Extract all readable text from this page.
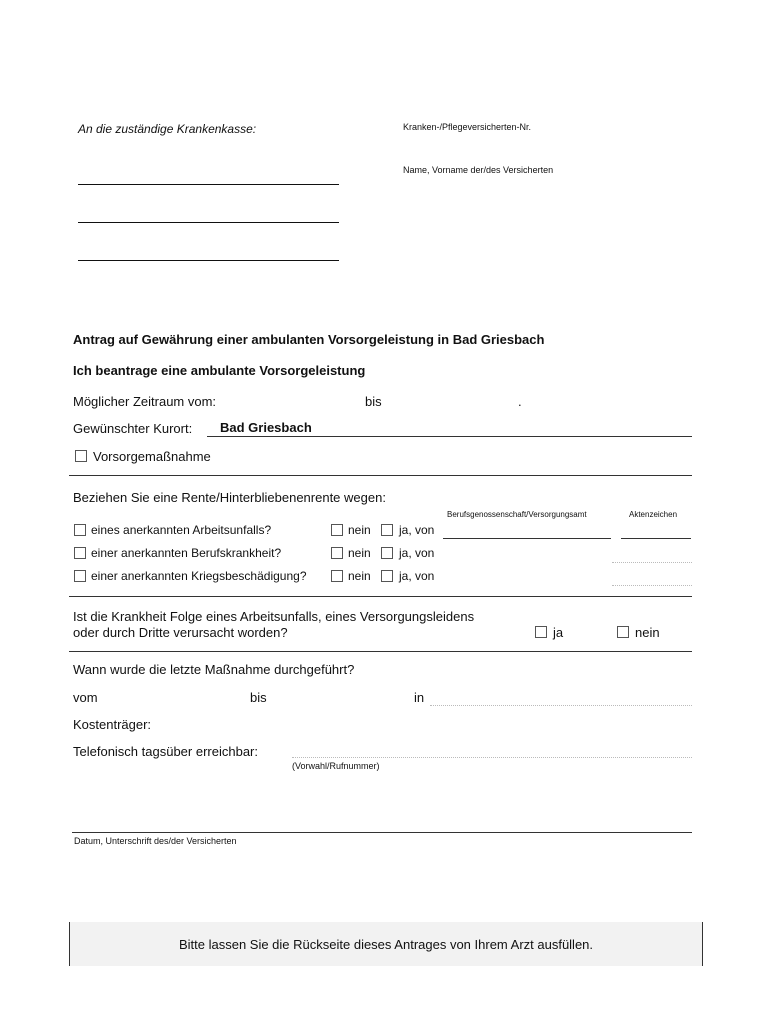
An die zuständige Krankenkasse:	Kranken-/Pflegeversicherten-Nr.
Name, Vorname der/des Versicherten
Antrag auf Gewährung einer ambulanten Vorsorgeleistung in Bad Griesbach
Ich beantrage eine ambulante Vorsorgeleistung
Möglicher Zeitraum vom:	bis	.
Gewünschter Kurort: Bad Griesbach
Vorsorgemaßnahme
Beziehen Sie eine Rente/Hinterbliebenenrente wegen:
Berufsgenossenschaft/Versorgungsamt	Aktenzeichen
eines anerkannten Arbeitsunfalls?	nein ja, von
einer anerkannten Berufskrankheit?	nein ja, von
einer anerkannten Kriegsbeschädigung?	nein ja, von
Ist die Krankheit Folge eines Arbeitsunfalls, eines Versorgungsleidens
oder durch Dritte verursacht worden?	ja	nein
Wann wurde die letzte Maßnahme durchgeführt?
vom	bis	in
Kostenträger:
Telefonisch tagsüber erreichbar:
(Vorwahl/Rufnummer)
Datum, Unterschrift des/der Versicherten
Bitte lassen Sie die Rückseite dieses Antrages von Ihrem Arzt ausfüllen.
